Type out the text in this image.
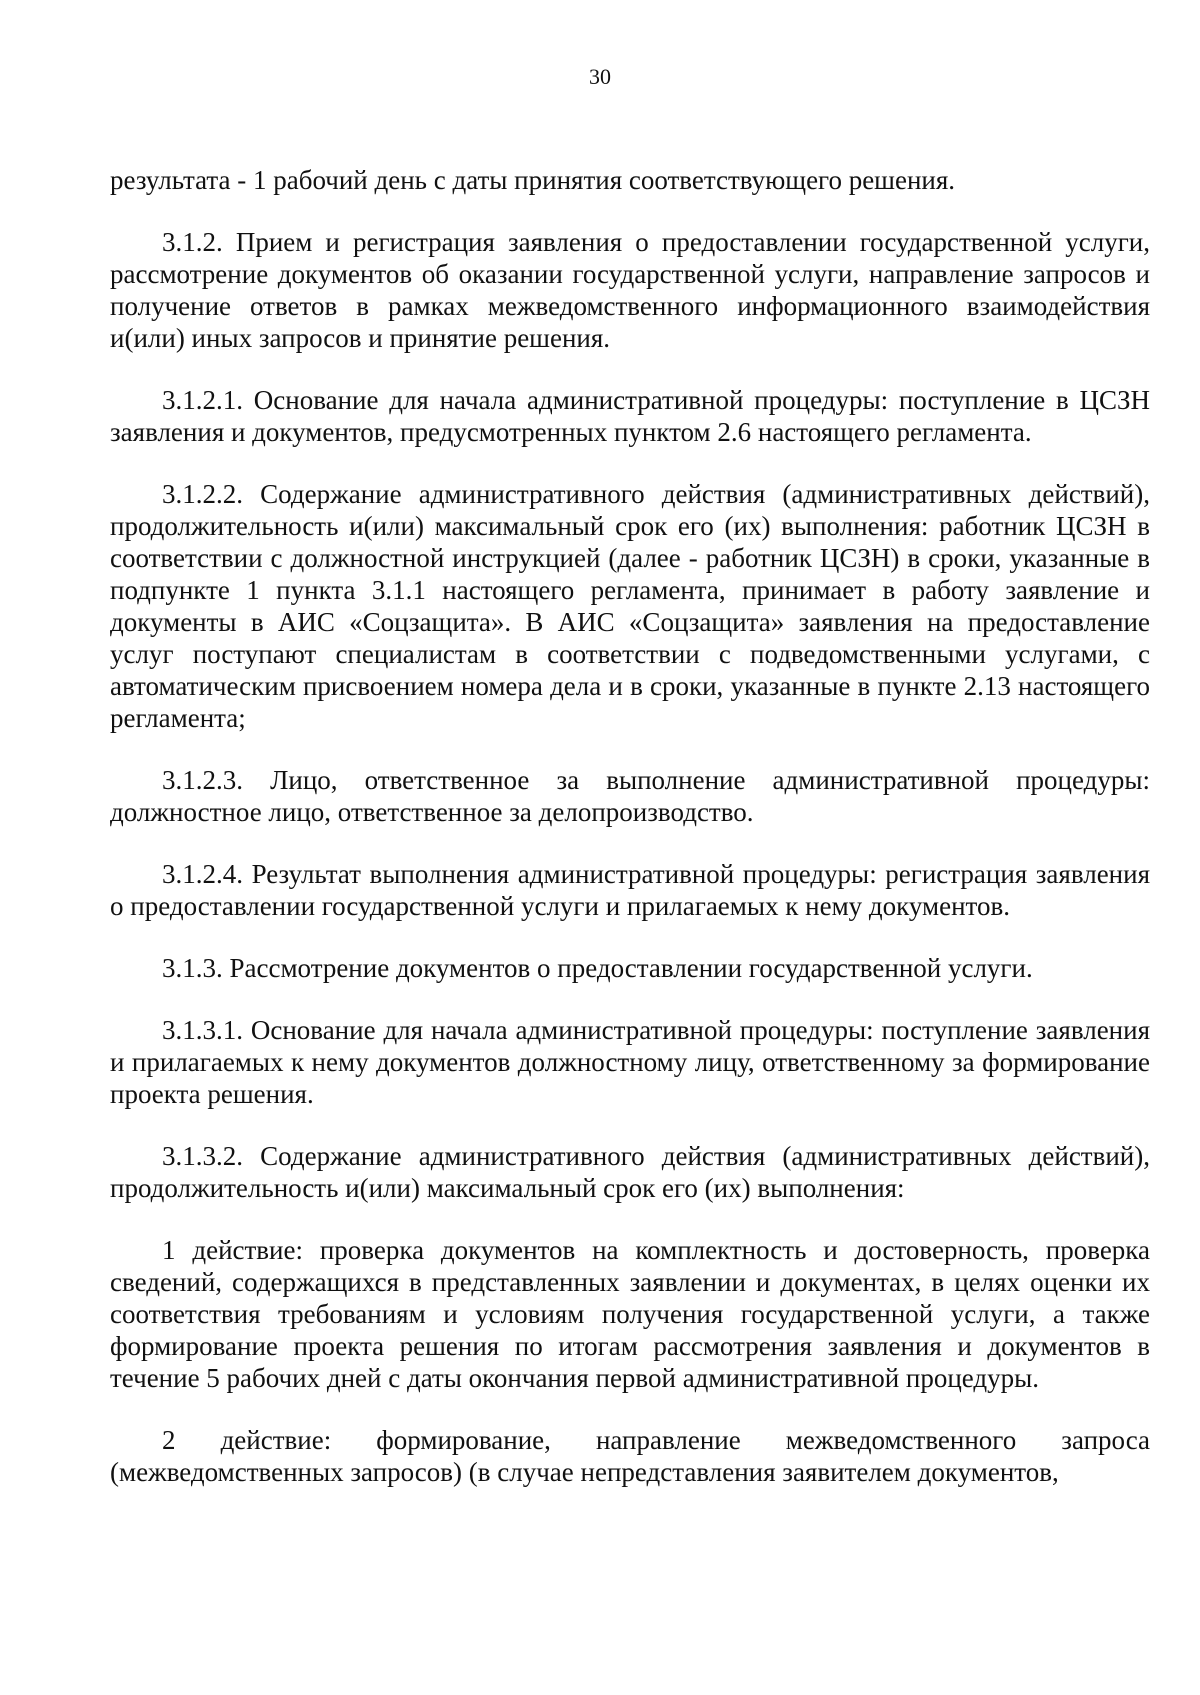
30

результата - 1 рабочий день с даты принятия соответствующего решения.

3.1.2. Прием и регистрация заявления о предоставлении государственной услуги, рассмотрение документов об оказании государственной услуги, направление запросов и получение ответов в рамках межведомственного информационного взаимодействия и(или) иных запросов и принятие решения.

3.1.2.1. Основание для начала административной процедуры: поступление в ЦСЗН заявления и документов, предусмотренных пунктом 2.6 настоящего регламента.

3.1.2.2. Содержание административного действия (административных действий), продолжительность и(или) максимальный срок его (их) выполнения: работник ЦСЗН в соответствии с должностной инструкцией (далее - работник ЦСЗН) в сроки, указанные в подпункте 1 пункта 3.1.1 настоящего регламента, принимает в работу заявление и документы в АИС «Соцзащита». В АИС «Соцзащита» заявления на предоставление услуг поступают специалистам в соответствии с подведомственными услугами, с автоматическим присвоением номера дела и в сроки, указанные в пункте 2.13 настоящего регламента;

3.1.2.3. Лицо, ответственное за выполнение административной процедуры: должностное лицо, ответственное за делопроизводство.

3.1.2.4. Результат выполнения административной процедуры: регистрация заявления о предоставлении государственной услуги и прилагаемых к нему документов.

3.1.3. Рассмотрение документов о предоставлении государственной услуги.

3.1.3.1. Основание для начала административной процедуры: поступление заявления и прилагаемых к нему документов должностному лицу, ответственному за формирование проекта решения.

3.1.3.2. Содержание административного действия (административных действий), продолжительность и(или) максимальный срок его (их) выполнения:

1 действие: проверка документов на комплектность и достоверность, проверка сведений, содержащихся в представленных заявлении и документах, в целях оценки их соответствия требованиям и условиям получения государственной услуги, а также формирование проекта решения по итогам рассмотрения заявления и документов в течение 5 рабочих дней с даты окончания первой административной процедуры.

2 действие: формирование, направление межведомственного запроса (межведомственных запросов) (в случае непредставления заявителем документов,
